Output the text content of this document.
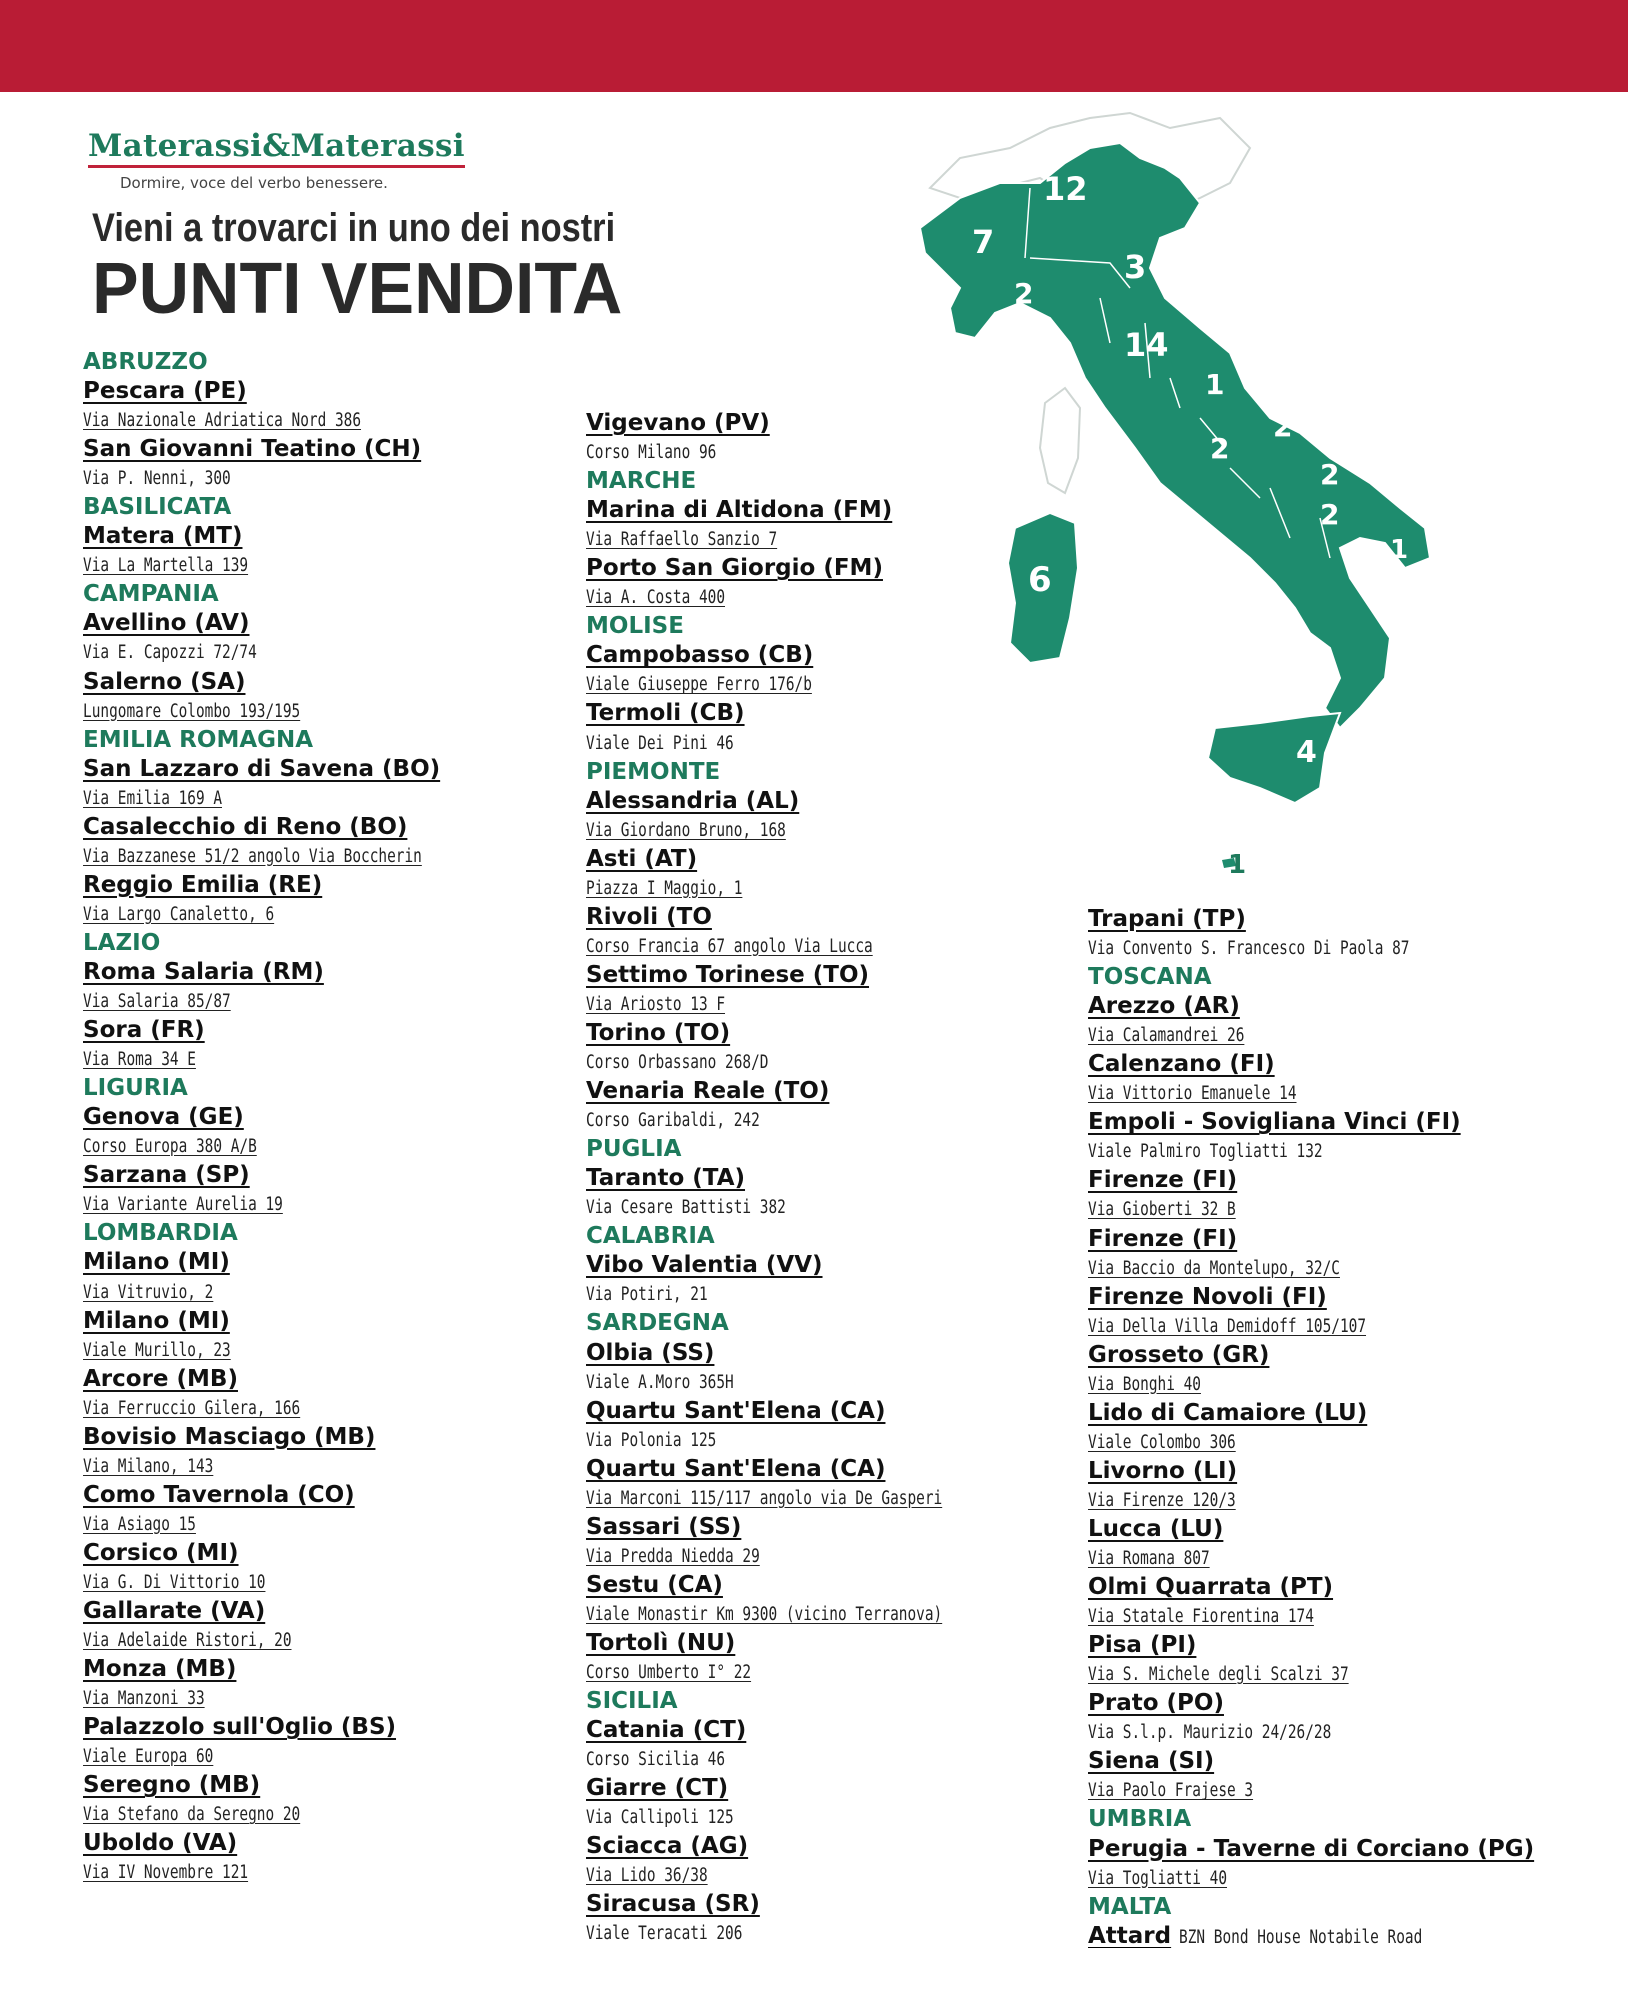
Materassi&Materassi
Dormire, voce del verbo benessere.
Vieni a trovarci in uno dei nostri
PUNTI VENDITA
7
12
3
2
14	2
1
2
2
2
2	1
1
6
4
1
ABRUZZO
Pescara (PE)
Via Nazionale Adriatica Nord 386
San Giovanni Teatino (CH)
Via P. Nenni, 300
BASILICATA
Matera (MT)
Via La Martella 139
CAMPANIA
Avellino (AV)
Via E. Capozzi 72/74
Salerno (SA)
Lungomare Colombo 193/195
EMILIA ROMAGNA
San Lazzaro di Savena (BO)
Via Emilia 169 A
Casalecchio di Reno (BO)
Via Bazzanese 51/2 angolo Via Boccherin
Reggio Emilia (RE)
Via Largo Canaletto, 6
LAZIO
Roma Salaria (RM)
Via Salaria 85/87
Sora (FR)
Via Roma 34 E
LIGURIA
Genova (GE)
Corso Europa 380 A/B
Sarzana (SP)
Via Variante Aurelia 19
LOMBARDIA
Milano (MI)
Via Vitruvio, 2
Milano (MI)
Viale Murillo, 23
Arcore (MB)
Via Ferruccio Gilera, 166
Bovisio Masciago (MB)
Via Milano, 143
Como Tavernola (CO)
Via Asiago 15
Corsico (MI)
Via G. Di Vittorio 10
Gallarate (VA)
Via Adelaide Ristori, 20
Monza (MB)
Via Manzoni 33
Palazzolo sull'Oglio (BS)
Viale Europa 60
Seregno (MB)
Via Stefano da Seregno 20
Uboldo (VA)
Via IV Novembre 121
Vigevano (PV)
Corso Milano 96
MARCHE
Marina di Altidona (FM)
Via Raffaello Sanzio 7
Porto San Giorgio (FM)
Via A. Costa 400
MOLISE
Campobasso (CB)
Viale Giuseppe Ferro 176/b
Termoli (CB)
Viale Dei Pini 46
PIEMONTE
Alessandria (AL)
Via Giordano Bruno, 168
Asti (AT)
Piazza I Maggio, 1
Rivoli (TO
Corso Francia 67 angolo Via Lucca
Settimo Torinese (TO)
Via Ariosto 13 F
Torino (TO)
Corso Orbassano 268/D
Venaria Reale (TO)
Corso Garibaldi, 242
PUGLIA
Taranto (TA)
Via Cesare Battisti 382
CALABRIA
Vibo Valentia (VV)
Via Potiri, 21
SARDEGNA
Olbia (SS)
Viale A.Moro 365H
Quartu Sant'Elena (CA)
Via Polonia 125
Quartu Sant'Elena (CA)
Via Marconi 115/117 angolo via De Gasperi
Sassari (SS)
Via Predda Niedda 29
Sestu (CA)
Viale Monastir Km 9300 (vicino Terranova)
Tortolì (NU)
Corso Umberto I° 22
SICILIA
Catania (CT)
Corso Sicilia 46
Giarre (CT)
Via Callipoli 125
Sciacca (AG)
Via Lido 36/38
Siracusa (SR)
Viale Teracati 206
Trapani (TP)
Via Convento S. Francesco Di Paola 87
TOSCANA
Arezzo (AR)
Via Calamandrei 26
Calenzano (FI)
Via Vittorio Emanuele 14
Empoli - Sovigliana Vinci (FI)
Viale Palmiro Togliatti 132
Firenze (FI)
Via Gioberti 32 B
Firenze (FI)
Via Baccio da Montelupo, 32/C
Firenze Novoli (FI)
Via Della Villa Demidoff 105/107
Grosseto (GR)
Via Bonghi 40
Lido di Camaiore (LU)
Viale Colombo 306
Livorno (LI)
Via Firenze 120/3
Lucca (LU)
Via Romana 807
Olmi Quarrata (PT)
Via Statale Fiorentina 174
Pisa (PI)
Via S. Michele degli Scalzi 37
Prato (PO)
Via S.l.p. Maurizio 24/26/28
Siena (SI)
Via Paolo Frajese 3
UMBRIA
Perugia - Taverne di Corciano (PG)
Via Togliatti 40
MALTA
Attard BZN Bond House Notabile Road
